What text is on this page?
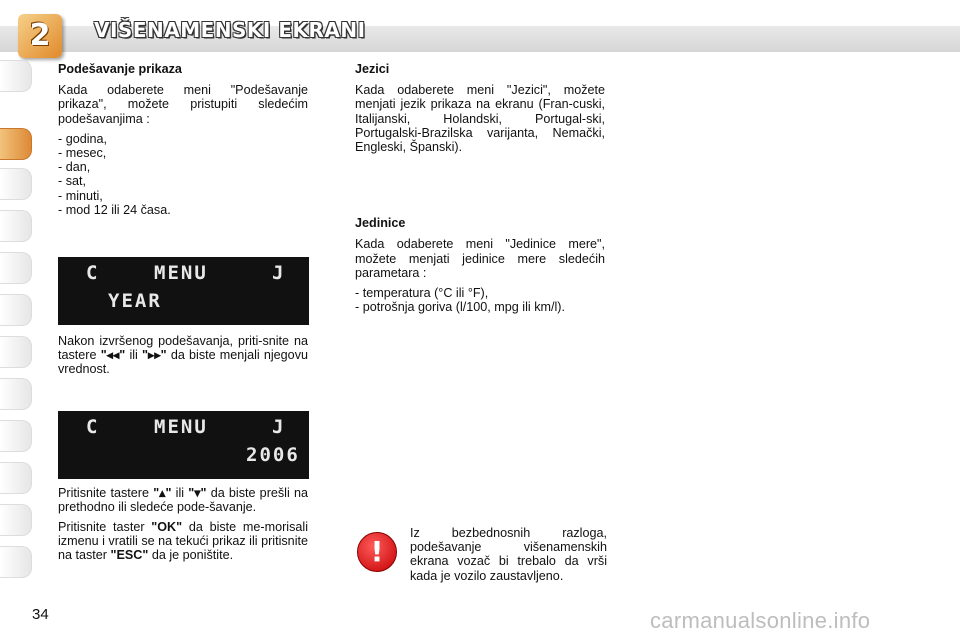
2	VIŠENAMENSKI EKRANI
Podešavanje prikaza

Kada odaberete meni "Podešavanje prikaza", možete pristupiti sledećim podešavanjima :

- godina,
- mesec,
- dan,
- sat,
- minuti,
- mod 12 ili 24 časa.
C	MENU	J
YEAR

Nakon izvršenog podešavanja, priti-snite na tastere "◂◂" ili "▸▸" da biste menjali njegovu vrednost.

C	MENU	J
2006

Pritisnite tastere "▴" ili "▾" da biste prešli na prethodno ili sledeće pode-šavanje.

Pritisnite taster "OK" da biste me-morisali izmenu i vratili se na tekući prikaz ili pritisnite na taster "ESC" da je poništite.

Jezici

Kada odaberete meni "Jezici", možete menjati jezik prikaza na ekranu (Fran-cuski, Italijanski, Holandski, Portugal-ski, Portugalski-Brazilska varijanta, Nemački, Engleski, Španski).

Jedinice

Kada odaberete meni "Jedinice mere", možete menjati jedinice mere sledećih parametara :

- temperatura (°C ili °F),
- potrošnja goriva (l/100, mpg ili km/l).
!
Iz bezbednosnih razloga, podešavanje višenamenskih ekrana vozač bi trebalo da vrši kada je vozilo zaustavljeno.
34	carmanualsonline.info
